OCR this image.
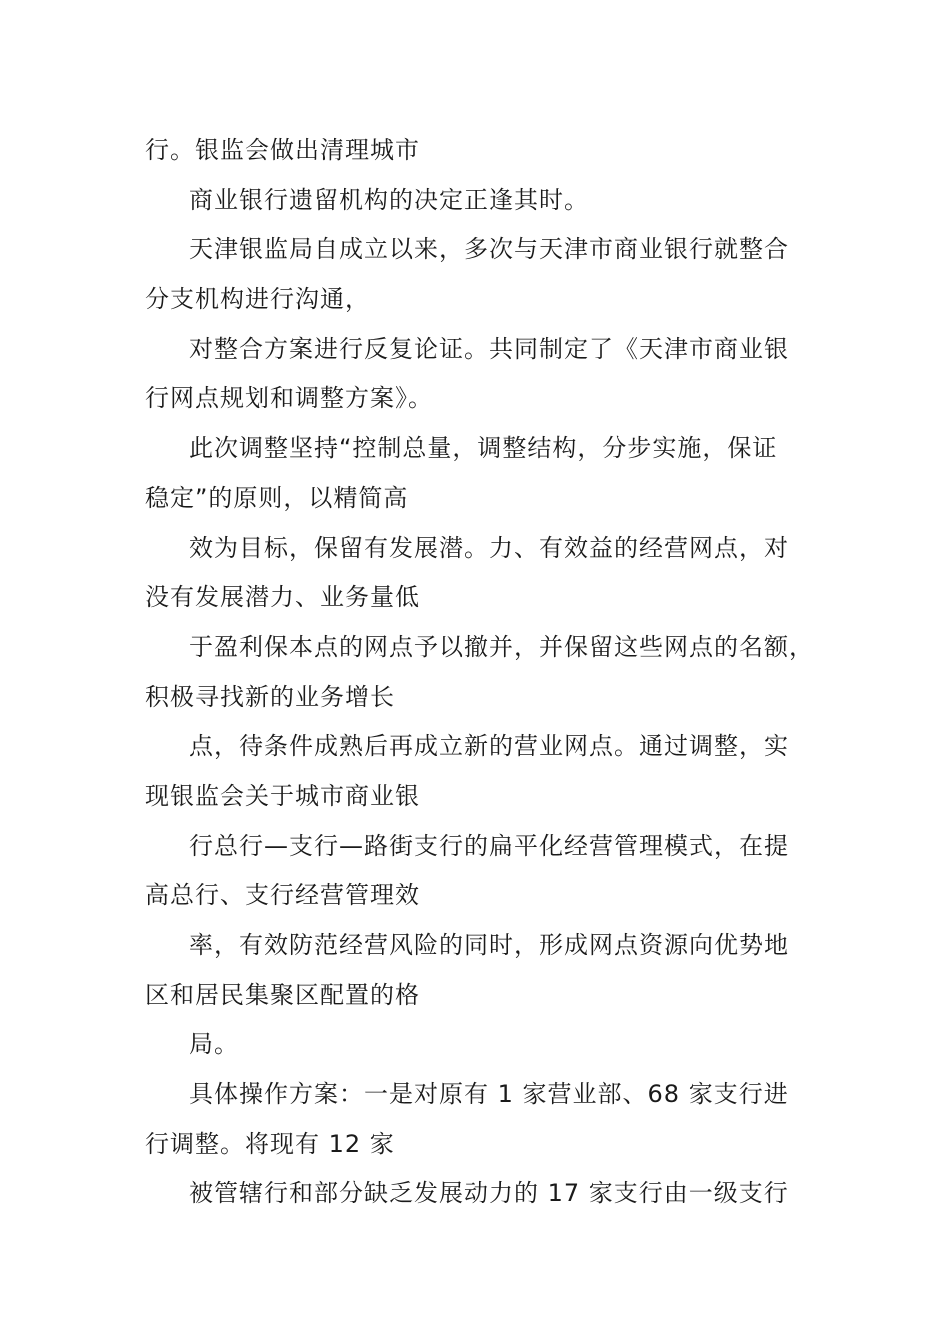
行。银监会做出清理城市
商业银行遗留机构的决定正逢其时。
天津银监局自成立以来，多次与天津市商业银行就整合
分支机构进行沟通，
对整合方案进行反复论证。共同制定了《天津市商业银
行网点规划和调整方案》。
此次调整坚持“控制总量，调整结构，分步实施，保证
稳定”的原则，以精简高
效为目标，保留有发展潜。力、有效益的经营网点，对
没有发展潜力、业务量低
于盈利保本点的网点予以撤并，并保留这些网点的名额，
积极寻找新的业务增长
点，待条件成熟后再成立新的营业网点。通过调整，实
现银监会关于城市商业银
行总行—支行—路街支行的扁平化经营管理模式，在提
高总行、支行经营管理效
率，有效防范经营风险的同时，形成网点资源向优势地
区和居民集聚区配置的格
局。
具体操作方案：一是对原有 1 家营业部、68 家支行进
行调整。将现有 12 家
被管辖行和部分缺乏发展动力的 17 家支行由一级支行
